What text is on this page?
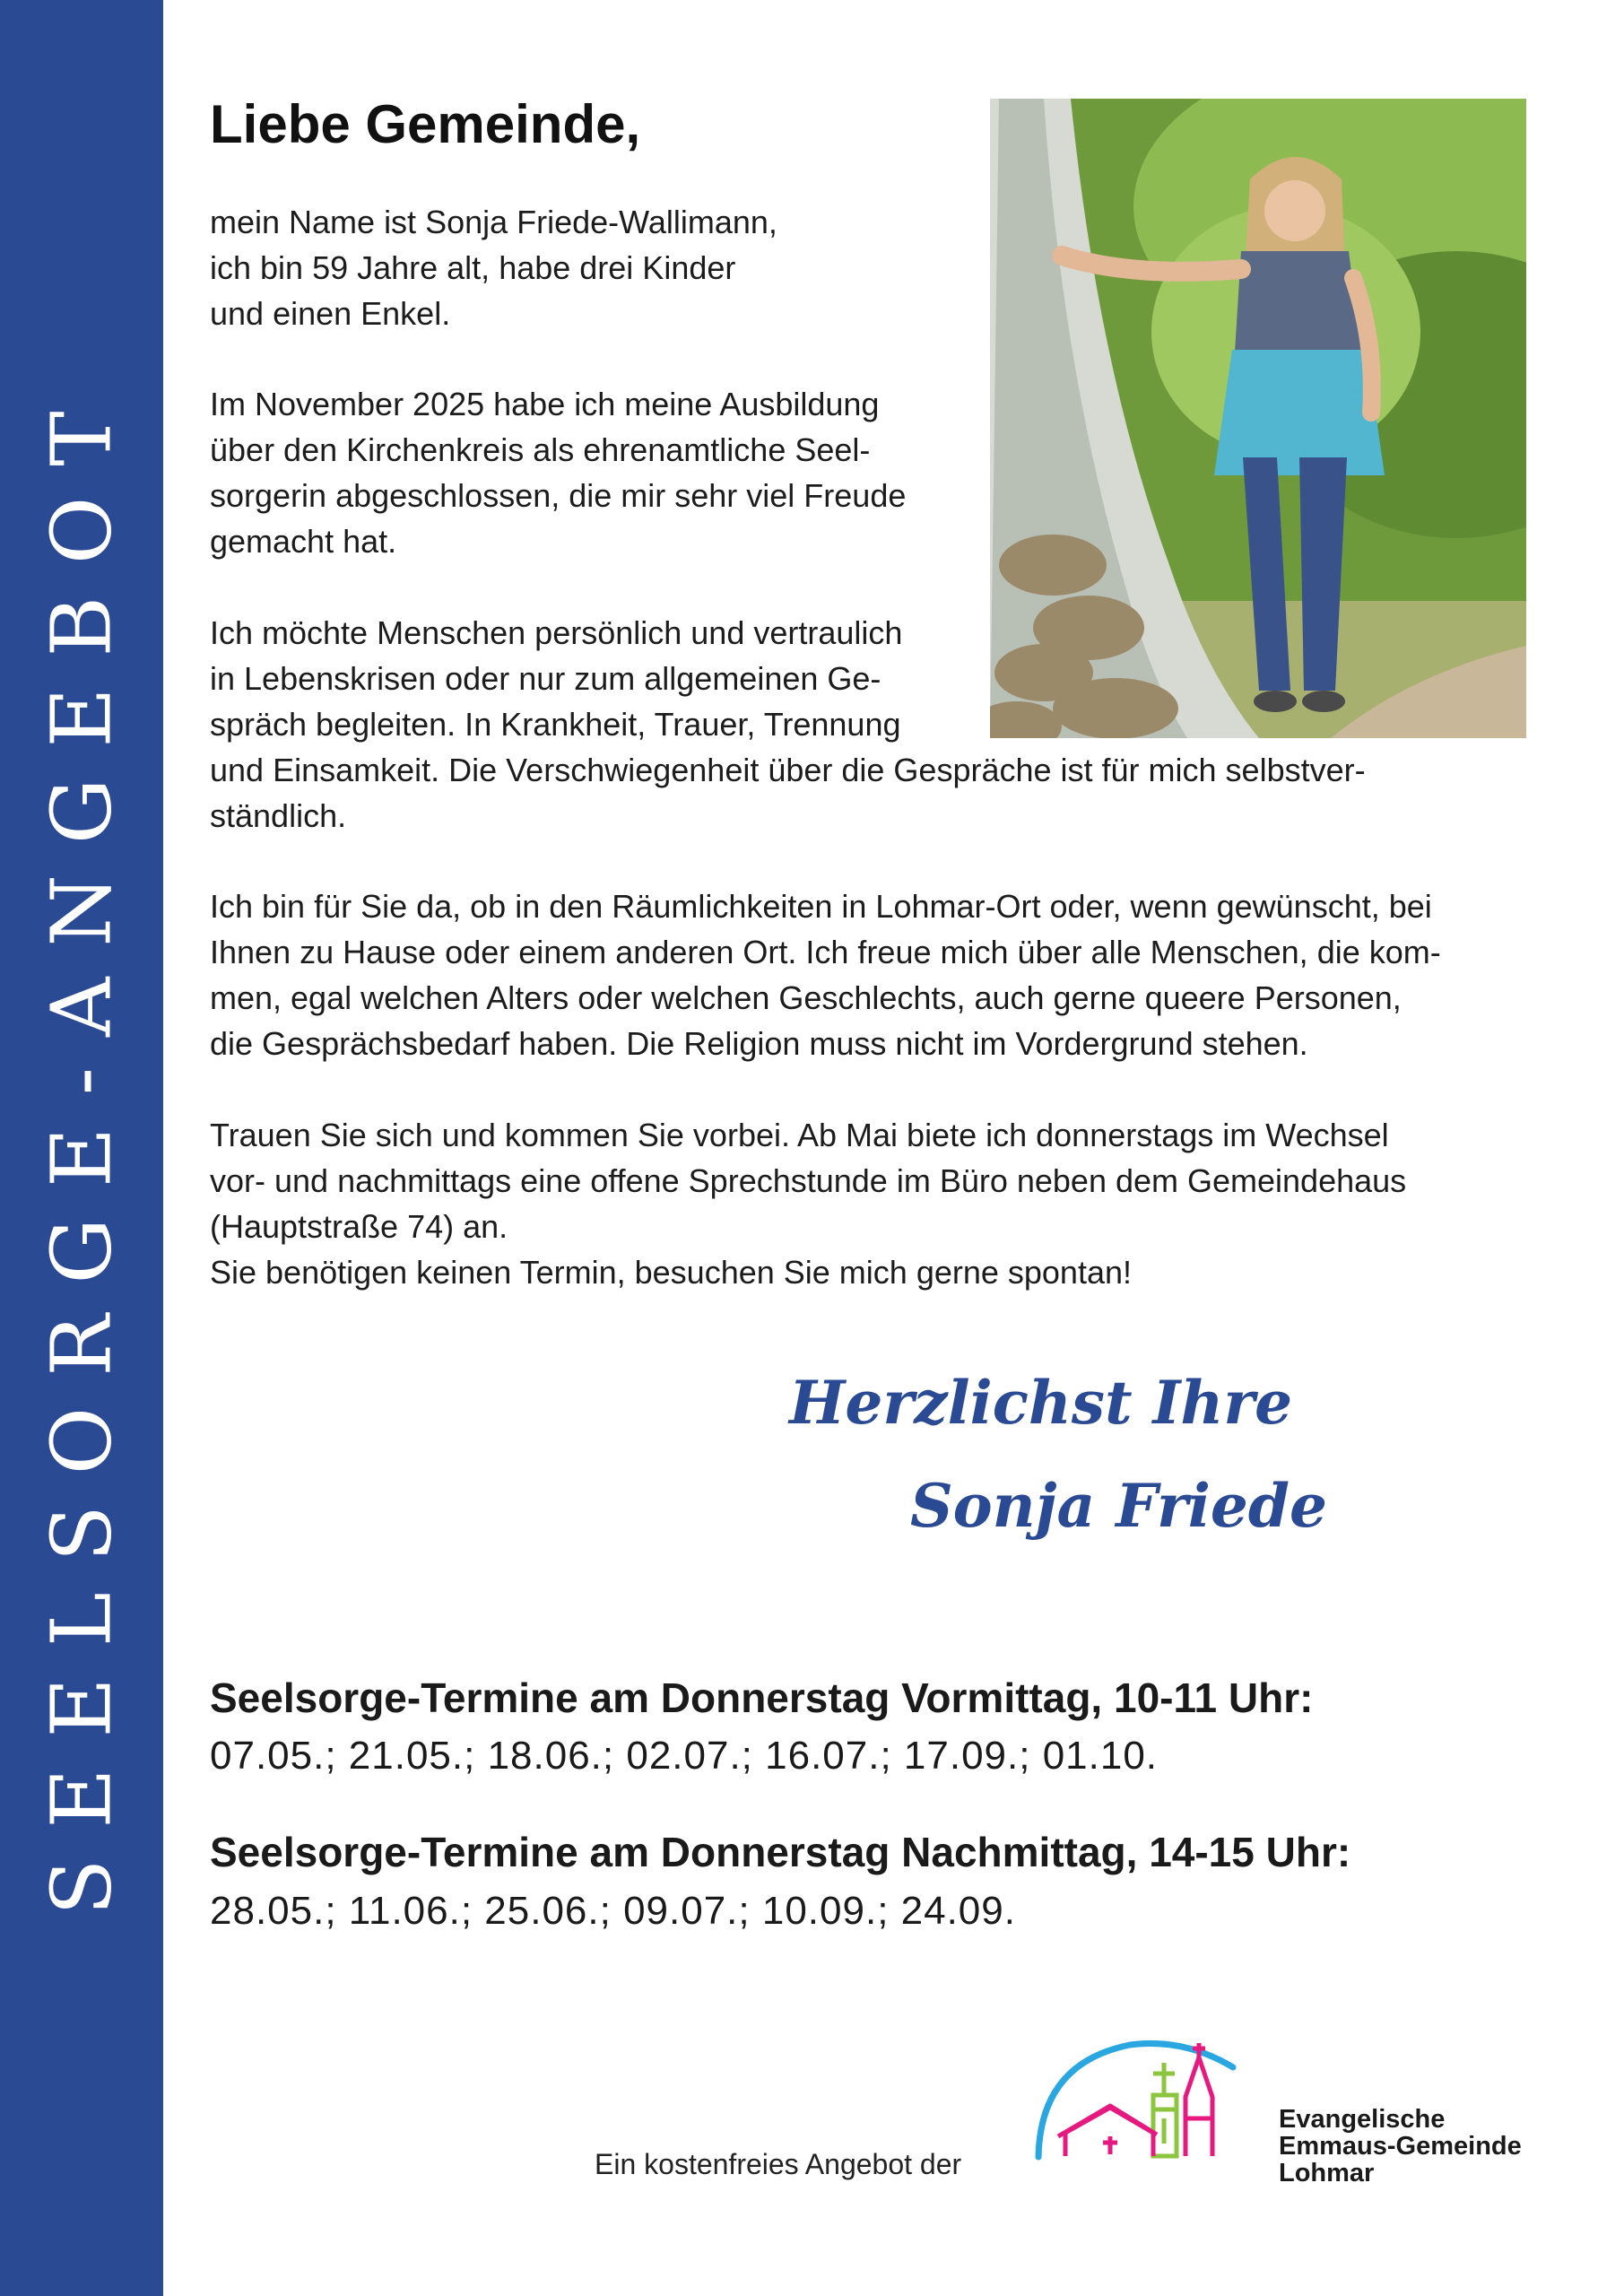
SEELSORGE-ANGEBOT
Liebe Gemeinde,
mein Name ist Sonja Friede-Wallimann,
ich bin 59 Jahre alt, habe drei Kinder
und einen Enkel.
Im November 2025 habe ich meine Ausbildung
über den Kirchenkreis als ehrenamtliche Seel-
sorgerin abgeschlossen, die mir sehr viel Freude
gemacht hat.
Ich möchte Menschen persönlich und vertraulich
in Lebenskrisen oder nur zum allgemeinen Ge-
spräch begleiten. In Krankheit, Trauer, Trennung
und Einsamkeit. Die Verschwiegenheit über die Gespräche ist für mich selbstver-
ständlich.
Ich bin für Sie da, ob in den Räumlichkeiten in Lohmar-Ort oder, wenn gewünscht, bei
Ihnen zu Hause oder einem anderen Ort. Ich freue mich über alle Menschen, die kom-
men, egal welchen Alters oder welchen Geschlechts, auch gerne queere Personen,
die Gesprächsbedarf haben. Die Religion muss nicht im Vordergrund stehen.
Trauen Sie sich und kommen Sie vorbei. Ab Mai biete ich donnerstags im Wechsel
vor- und nachmittags eine offene Sprechstunde im Büro neben dem Gemeindehaus
(Hauptstraße 74) an.
Sie benötigen keinen Termin, besuchen Sie mich gerne spontan!
Herzlichst Ihre
Sonja Friede
Seelsorge-Termine am Donnerstag Vormittag, 10-11 Uhr:
07.05.; 21.05.; 18.06.; 02.07.; 16.07.; 17.09.; 01.10.
Seelsorge-Termine am Donnerstag Nachmittag, 14-15 Uhr:
28.05.; 11.06.; 25.06.; 09.07.; 10.09.; 24.09.
Ein kostenfreies Angebot der
Evangelische
Emmaus-Gemeinde
Lohmar
